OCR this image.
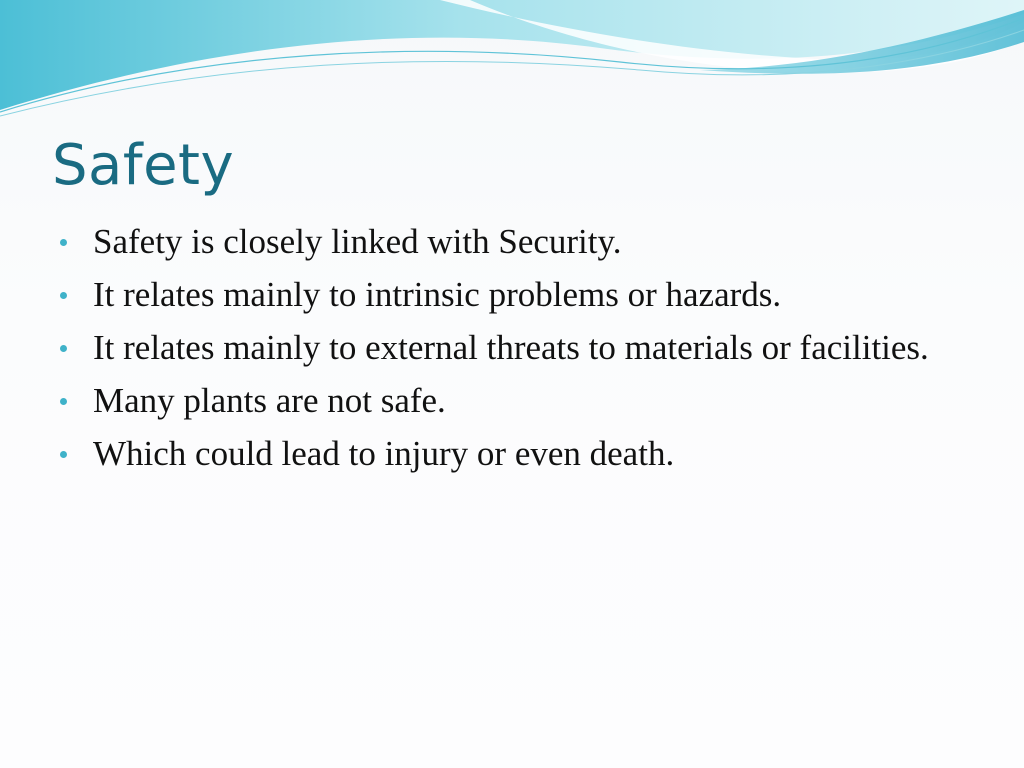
Safety
Safety is closely linked with Security.
It relates mainly to intrinsic problems or hazards.
It relates mainly to external threats to materials or facilities.
Many plants are not safe.
Which could lead to injury or even death.
